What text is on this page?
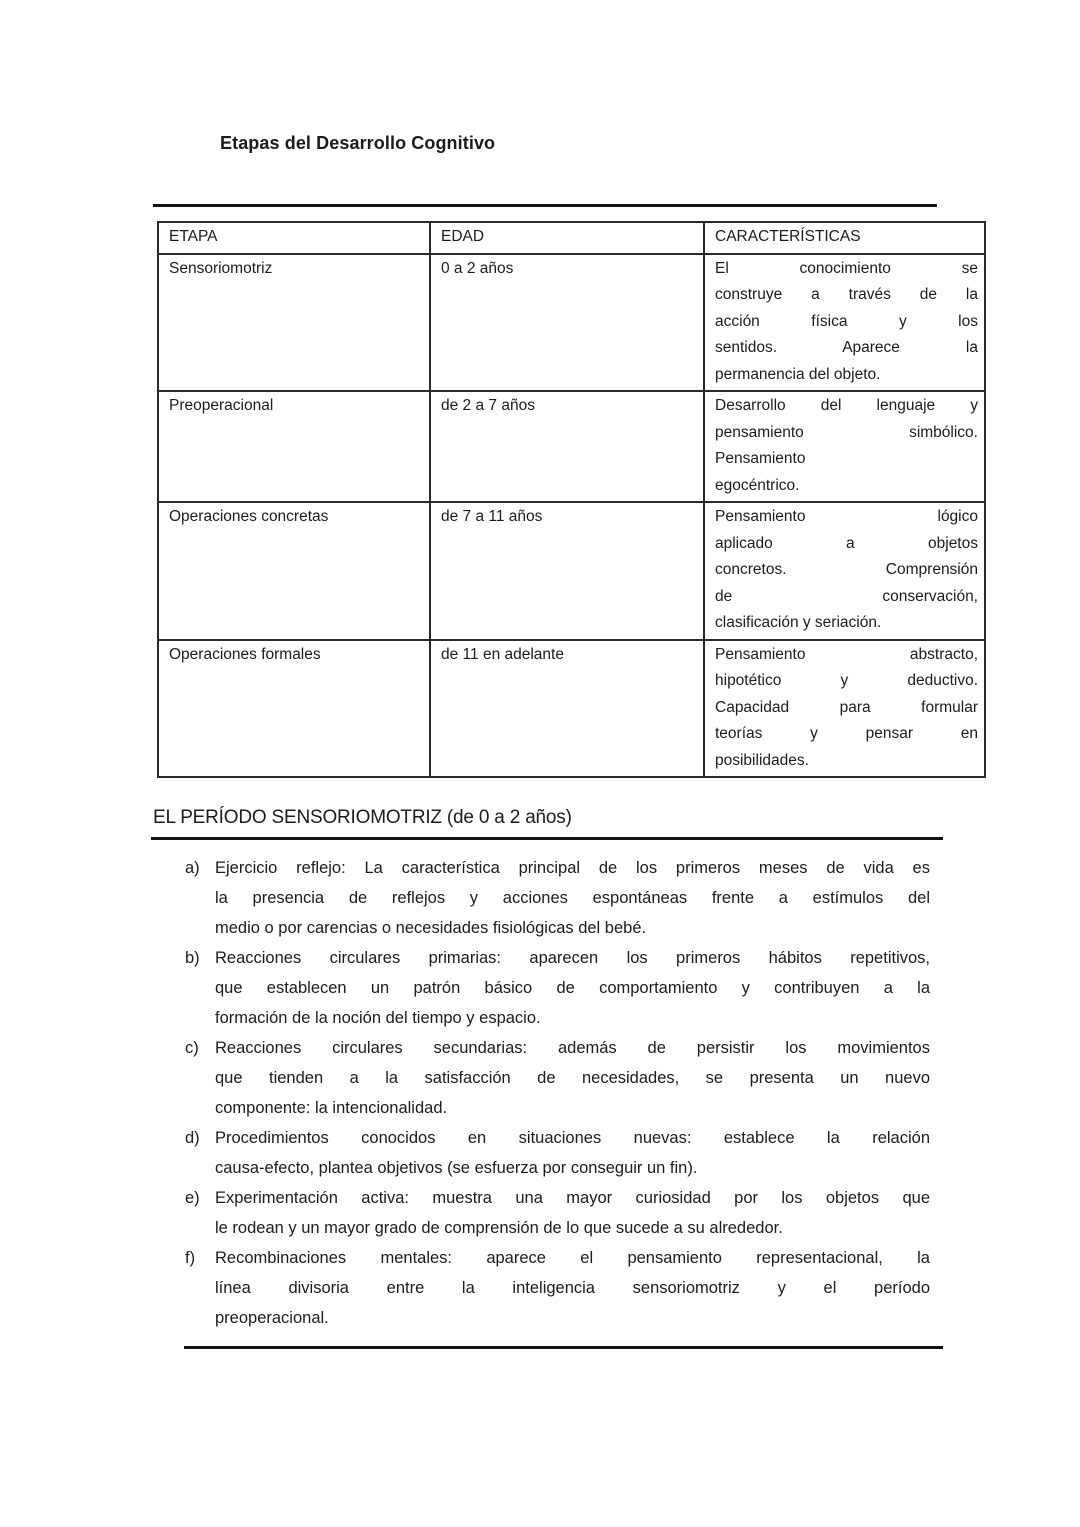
Etapas del Desarrollo Cognitivo
ETAPA	EDAD	CARACTERÍSTICAS
Sensoriomotriz	0 a 2 años	El conocimiento se
construye a través de la
acción física y los
sentidos. Aparece la
permanencia del objeto.

Preoperacional	de 2 a 7 años	Desarrollo del lenguaje y
pensamiento simbólico.
Pensamiento
egocéntrico.

Operaciones concretas	de 7 a 11 años	Pensamiento lógico
aplicado a objetos
concretos. Comprensión
de conservación,
clasificación y seriación.

Operaciones formales	de 11 en adelante	Pensamiento abstracto,
hipotético y deductivo.
Capacidad para formular
teorías y pensar en
posibilidades.
EL PERÍODO SENSORIOMOTRIZ (de 0 a 2 años)
a) Ejercicio reflejo: La característica principal de los primeros meses de vida es
la presencia de reflejos y acciones espontáneas frente a estímulos del
medio o por carencias o necesidades fisiológicas del bebé.
b) Reacciones circulares primarias: aparecen los primeros hábitos repetitivos,
que establecen un patrón básico de comportamiento y contribuyen a la
formación de la noción del tiempo y espacio.
c) Reacciones circulares secundarias: además de persistir los movimientos
que tienden a la satisfacción de necesidades, se presenta un nuevo
componente: la intencionalidad.
d) Procedimientos conocidos en situaciones nuevas: establece la relación
causa-efecto, plantea objetivos (se esfuerza por conseguir un fin).
e) Experimentación activa: muestra una mayor curiosidad por los objetos que
le rodean y un mayor grado de comprensión de lo que sucede a su alrededor.
f)	Recombinaciones mentales: aparece el pensamiento representacional, la
línea divisoria entre la inteligencia sensoriomotriz y el período
preoperacional.
